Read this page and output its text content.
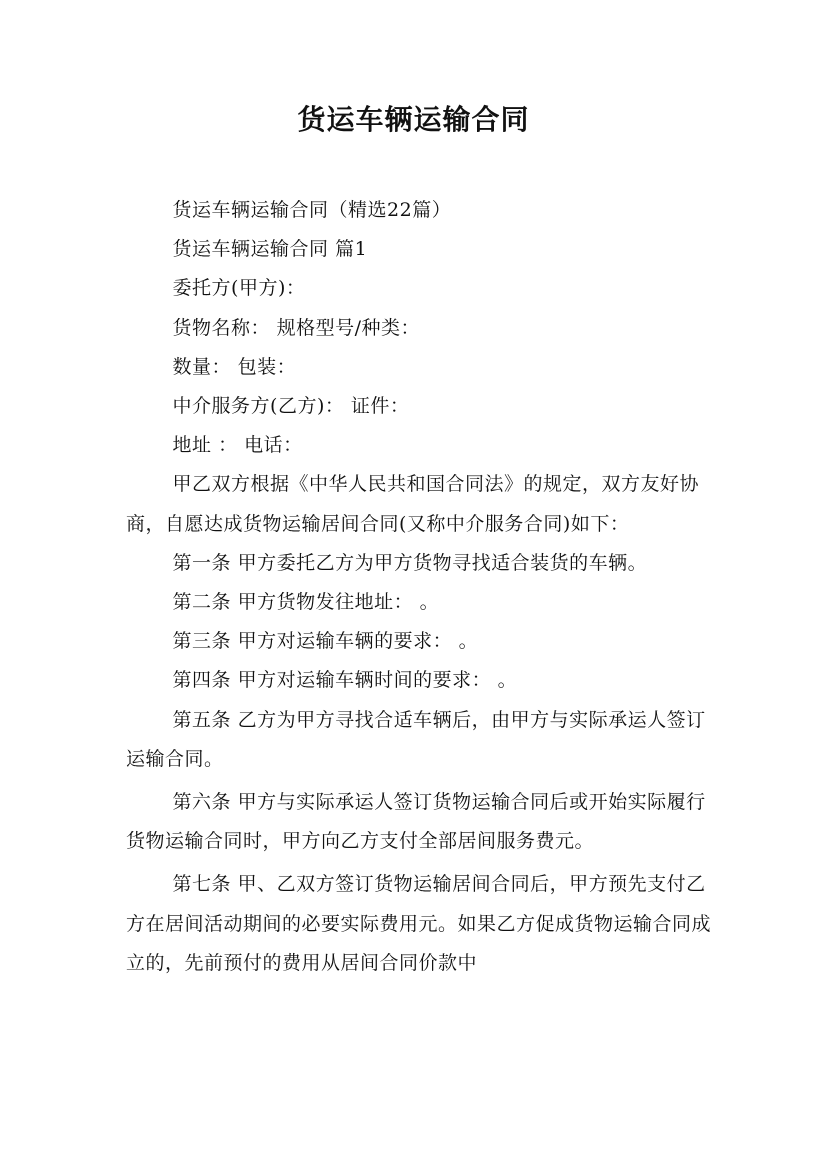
货运车辆运输合同

货运车辆运输合同（精选22篇）

货运车辆运输合同 篇1

委托方(甲方)：

货物名称： 规格型号/种类：

数量： 包装：

中介服务方(乙方)： 证件：

地址 ： 电话：

甲乙双方根据《中华人民共和国合同法》的规定，双方友好协商，自愿达成货物运输居间合同(又称中介服务合同)如下：

第一条 甲方委托乙方为甲方货物寻找适合装货的车辆。

第二条 甲方货物发往地址： 。

第三条 甲方对运输车辆的要求： 。

第四条 甲方对运输车辆时间的要求： 。

第五条 乙方为甲方寻找合适车辆后，由甲方与实际承运人签订运输合同。

第六条 甲方与实际承运人签订货物运输合同后或开始实际履行货物运输合同时，甲方向乙方支付全部居间服务费元。

第七条 甲、乙双方签订货物运输居间合同后，甲方预先支付乙方在居间活动期间的必要实际费用元。如果乙方促成货物运输合同成立的，先前预付的费用从居间合同价款中
